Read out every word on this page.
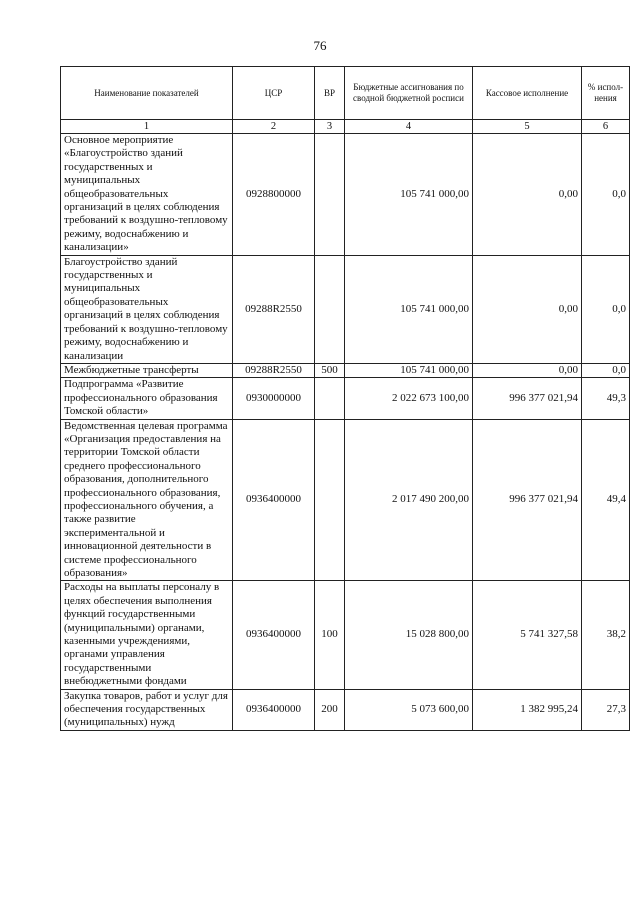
76
Наименование показателей	ЦСР	ВР	Бюджетные ассигнования по сводной бюджетной росписи	Кассовое исполнение	% испол-нения
1	2	3	4	5	6
Основное мероприятие «Благоустройство зданий государственных и муниципальных общеобразовательных организаций в целях соблюдения требований к воздушно-тепловому режиму, водоснабжению и канализации»	0928800000		105 741 000,00	0,00	0,0
Благоустройство зданий государственных и муниципальных общеобразовательных организаций в целях соблюдения требований к воздушно-тепловому режиму, водоснабжению и канализации	09288R2550		105 741 000,00	0,00	0,0
Межбюджетные трансферты	09288R2550	500	105 741 000,00	0,00	0,0
Подпрограмма «Развитие профессионального образования Томской области»	0930000000		2 022 673 100,00	996 377 021,94	49,3
Ведомственная целевая программа «Организация предоставления на территории Томской области среднего профессионального образования, дополнительного профессионального образования, профессионального обучения, а также развитие экспериментальной и инновационной деятельности в системе профессионального образования»	0936400000		2 017 490 200,00	996 377 021,94	49,4
Расходы на выплаты персоналу в целях обеспечения выполнения функций государственными (муниципальными) органами, казенными учреждениями, органами управления государственными внебюджетными фондами	0936400000	100	15 028 800,00	5 741 327,58	38,2
Закупка товаров, работ и услуг для обеспечения государственных (муниципальных) нужд	0936400000	200	5 073 600,00	1 382 995,24	27,3
